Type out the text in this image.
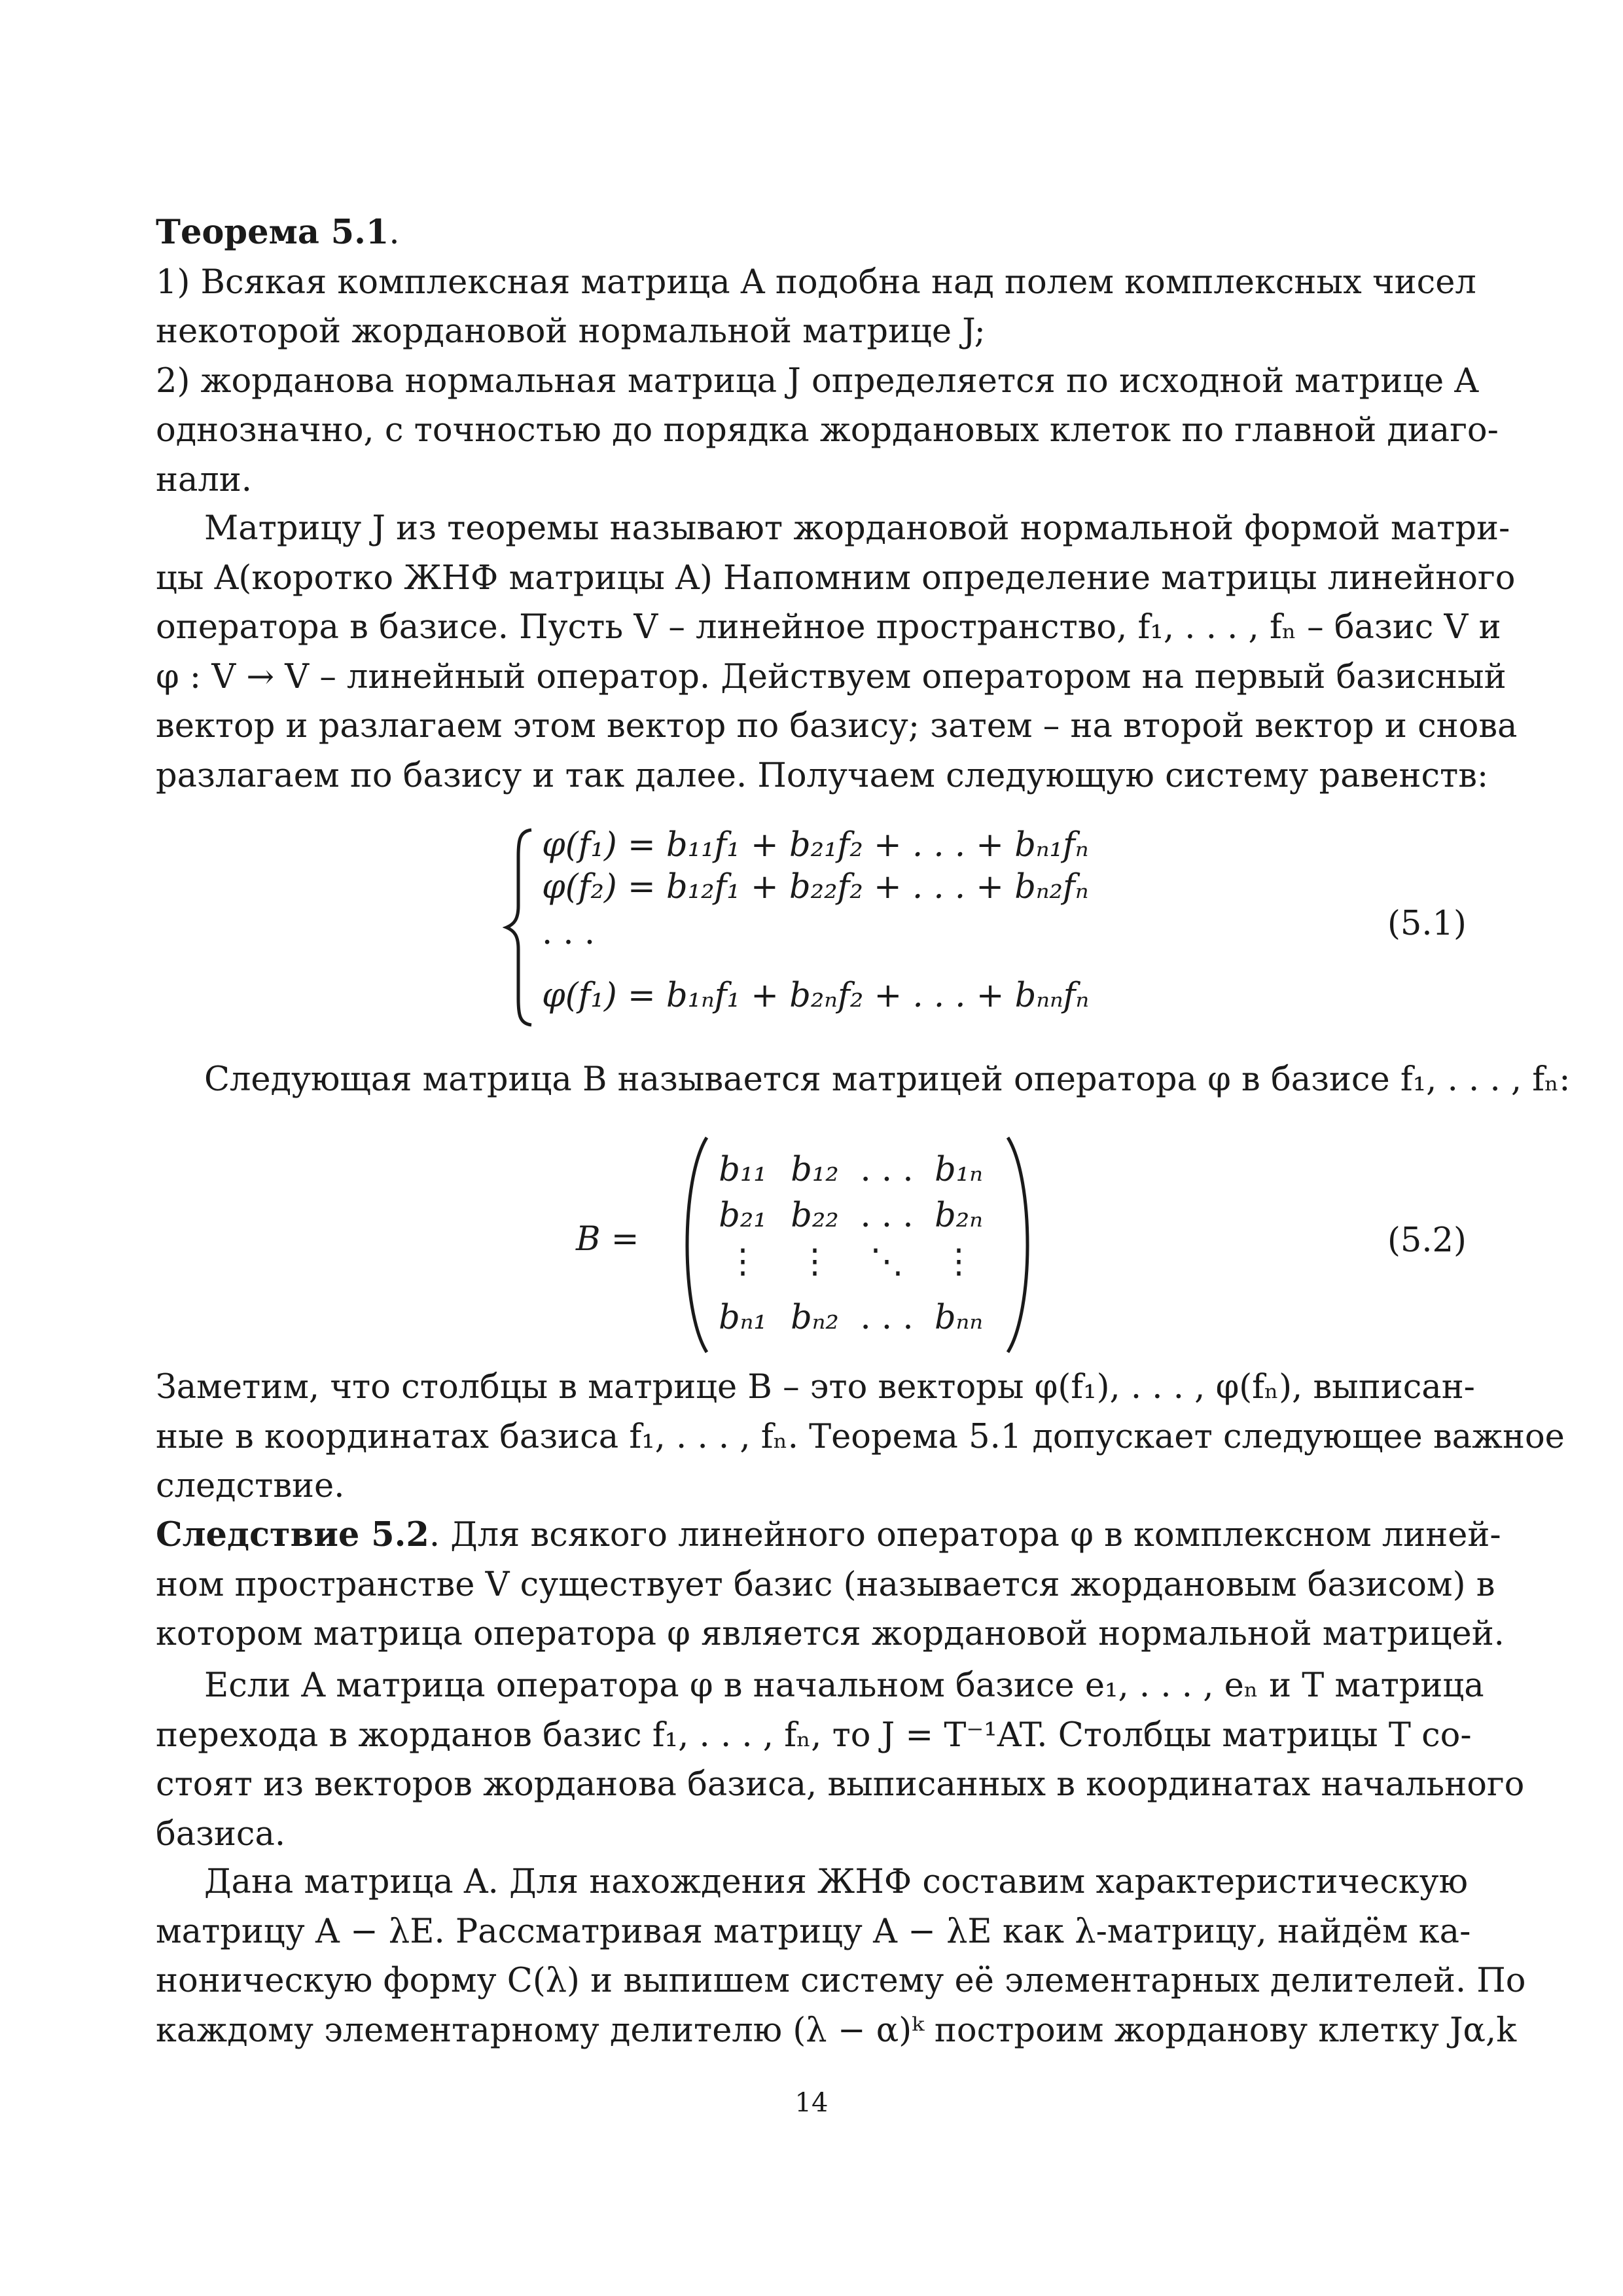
Теорема 5.1.
1) Всякая комплексная матрица A подобна над полем комплексных чисел
некоторой жордановой нормальной матрице J;
2) жорданова нормальная матрица J определяется по исходной матрице A
однозначно, с точностью до порядка жордановых клеток по главной диаго-
нали.
Матрицу J из теоремы называют жордановой нормальной формой матри-
цы A(коротко ЖНФ матрицы A) Напомним определение матрицы линейного
оператора в базисе. Пусть V – линейное пространство, f₁, . . . , fₙ – базис V и
φ : V → V – линейный оператор. Действуем оператором на первый базисный
вектор и разлагаем этом вектор по базису; затем – на второй вектор и снова
разлагаем по базису и так далее. Получаем следующую систему равенств:
φ(f₁) = b₁₁f₁ + b₂₁f₂ + . . . + bₙ₁fₙ
φ(f₂) = b₁₂f₁ + b₂₂f₂ + . . . + bₙ₂fₙ
. . .
φ(f₁) = b₁ₙf₁ + b₂ₙf₂ + . . . + bₙₙfₙ
(5.1)
Следующая матрица B называется матрицей оператора φ в базисе f₁, . . . , fₙ:
B =
b₁₁ b₁₂ . . . b₁ₙ
b₂₁ b₂₂ . . . b₂ₙ
⋮	⋮	⋱	⋮
bₙ₁ bₙ₂ . . . bₙₙ
(5.2)
Заметим, что столбцы в матрице B – это векторы φ(f₁), . . . , φ(fₙ), выписан-
ные в координатах базиса f₁, . . . , fₙ. Теорема 5.1 допускает следующее важное
следствие.
Следствие 5.2. Для всякого линейного оператора φ в комплексном линей-
ном пространстве V существует базис (называется жордановым базисом) в
котором матрица оператора φ является жордановой нормальной матрицей.
Если A матрица оператора φ в начальном базисе e₁, . . . , eₙ и T матрица
перехода в жорданов базис f₁, . . . , fₙ, то J = T⁻¹AT. Столбцы матрицы T со-
стоят из векторов жорданова базиса, выписанных в координатах начального
базиса.
Дана матрица A. Для нахождения ЖНФ составим характеристическую
матрицу A − λE. Рассматривая матрицу A − λE как λ-матрицу, найдём ка-
ноническую форму C(λ) и выпишем систему её элементарных делителей. По
каждому элементарному делителю (λ − α)ᵏ построим жорданову клетку Jα,k
14
